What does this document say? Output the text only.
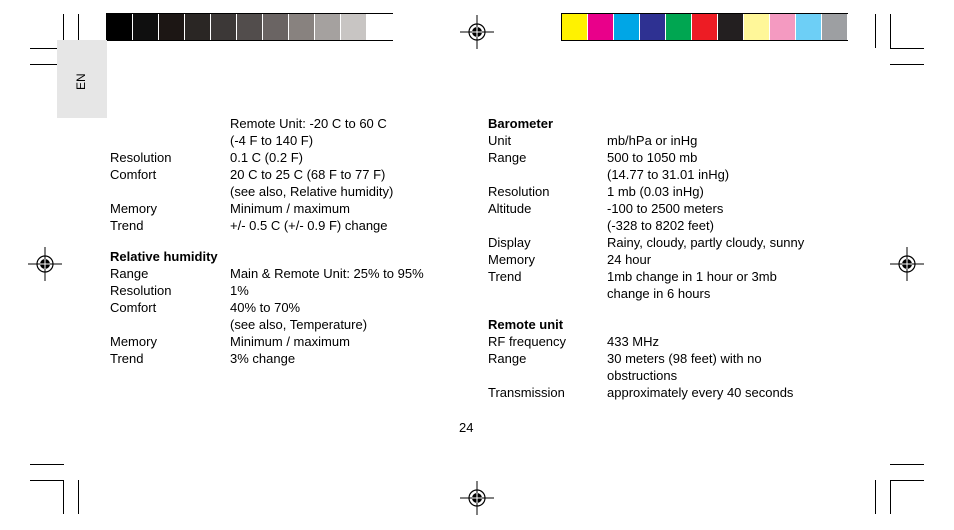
EN
Remote Unit: -20 C to 60 C
(-4 F to 140 F)
Resolution	0.1 C (0.2 F)
Comfort	20 C to 25 C (68 F to 77 F)
(see also, Relative humidity)
Memory	Minimum / maximum
Trend	+/- 0.5 C (+/- 0.9 F) change
Relative humidity
Range	Main & Remote Unit: 25% to 95%
Resolution	1%
Comfort	40% to 70%
(see also, Temperature)
Memory	Minimum / maximum
Trend	3% change
Barometer
Unit	mb/hPa or inHg
Range	500 to 1050 mb
(14.77 to 31.01 inHg)
Resolution	1 mb (0.03 inHg)
Altitude	-100 to 2500 meters
(-328 to 8202 feet)
Display	Rainy, cloudy, partly cloudy, sunny
Memory	24 hour
Trend	1mb change in 1 hour or 3mb
change in 6 hours
Remote unit
RF frequency	433 MHz
Range	30 meters (98 feet) with no
obstructions
Transmission	approximately every 40 seconds
24
